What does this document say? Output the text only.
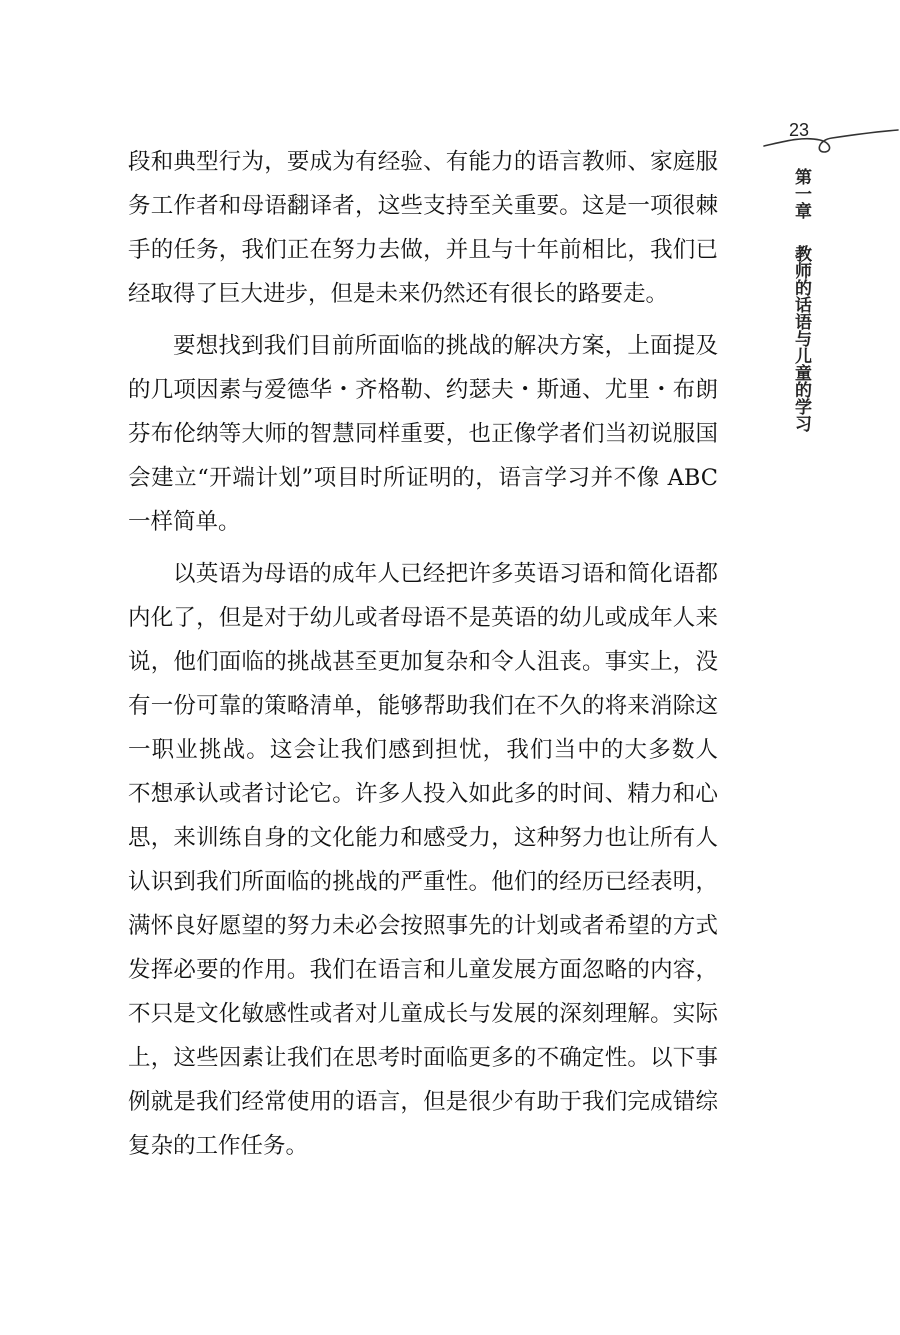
23
第一章教师的话语与儿童的学习

段和典型行为，要成为有经验、有能力的语言教师、家庭服
务工作者和母语翻译者，这些支持至关重要。这是一项很棘
手的任务，我们正在努力去做，并且与十年前相比，我们已
经取得了巨大进步，但是未来仍然还有很长的路要走。

要想找到我们目前所面临的挑战的解决方案，上面提及
的几项因素与爱德华・齐格勒、约瑟夫・斯通、尤里・布朗
芬布伦纳等大师的智慧同样重要，也正像学者们当初说服国
会建立“开端计划”项目时所证明的，语言学习并不像 ABC
一样简单。

以英语为母语的成年人已经把许多英语习语和简化语都
内化了，但是对于幼儿或者母语不是英语的幼儿或成年人来
说，他们面临的挑战甚至更加复杂和令人沮丧。事实上，没
有一份可靠的策略清单，能够帮助我们在不久的将来消除这
一职业挑战。这会让我们感到担忧，我们当中的大多数人
不想承认或者讨论它。许多人投入如此多的时间、精力和心
思，来训练自身的文化能力和感受力，这种努力也让所有人
认识到我们所面临的挑战的严重性。他们的经历已经表明，
满怀良好愿望的努力未必会按照事先的计划或者希望的方式
发挥必要的作用。我们在语言和儿童发展方面忽略的内容，
不只是文化敏感性或者对儿童成长与发展的深刻理解。实际
上，这些因素让我们在思考时面临更多的不确定性。以下事
例就是我们经常使用的语言，但是很少有助于我们完成错综
复杂的工作任务。
